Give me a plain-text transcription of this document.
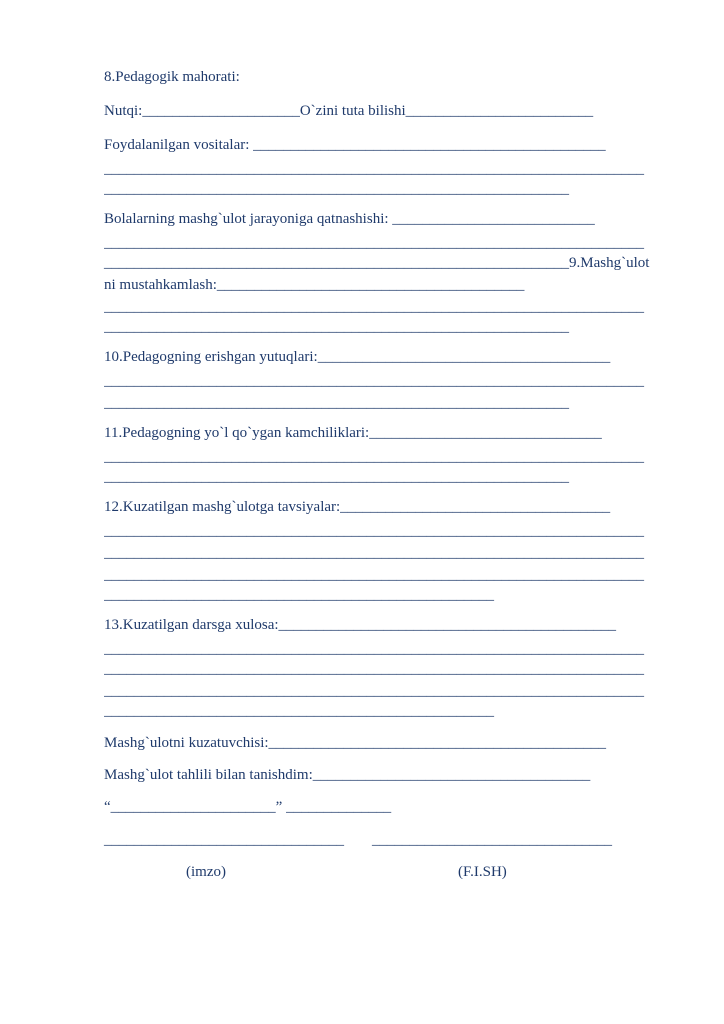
8.Pedagogik mahorati:
Nutqi:_____________________O`zini tuta bilishi_________________________
Foydalanilgan vositalar: _______________________________________________
________________________________________________________________________
______________________________________________________________
Bolalarning mashg`ulot jarayoniga qatnashishi: ___________________________
________________________________________________________________________
______________________________________________________________9.Mashg`ulot
ni mustahkamlash:_________________________________________
________________________________________________________________________
______________________________________________________________
10.Pedagogning erishgan yutuqlari:_______________________________________
________________________________________________________________________
______________________________________________________________
11.Pedagogning yo`l qo`ygan kamchiliklari:_______________________________
________________________________________________________________________
______________________________________________________________
12.Kuzatilgan mashg`ulotga tavsiyalar:____________________________________
________________________________________________________________________
________________________________________________________________________
________________________________________________________________________
____________________________________________________
13.Kuzatilgan darsga xulosa:_____________________________________________
________________________________________________________________________
________________________________________________________________________
________________________________________________________________________
____________________________________________________
Mashg`ulotni kuzatuvchisi:_____________________________________________
Mashg`ulot tahlili bilan tanishdim:_____________________________________
“______________________” ______________
________________________________ ________________________________
(imzo)	(F.I.SH)
